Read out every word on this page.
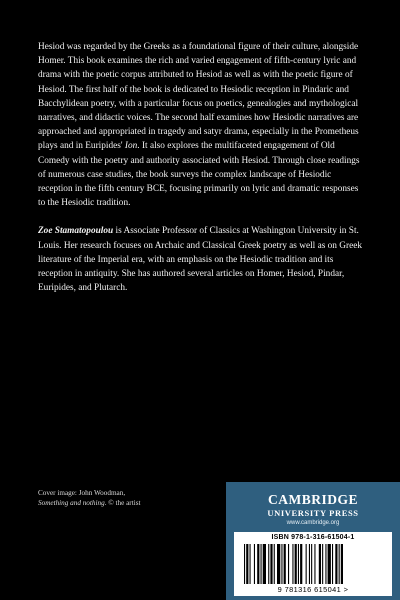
Hesiod was regarded by the Greeks as a foundational figure of their culture, alongside Homer. This book examines the rich and varied engagement of fifth-century lyric and drama with the poetic corpus attributed to Hesiod as well as with the poetic figure of Hesiod. The first half of the book is dedicated to Hesiodic reception in Pindaric and Bacchylidean poetry, with a particular focus on poetics, genealogies and mythological narratives, and didactic voices. The second half examines how Hesiodic narratives are approached and appropriated in tragedy and satyr drama, especially in the Prometheus plays and in Euripides' Ion. It also explores the multifaceted engagement of Old Comedy with the poetry and authority associated with Hesiod. Through close readings of numerous case studies, the book surveys the complex landscape of Hesiodic reception in the fifth century BCE, focusing primarily on lyric and dramatic responses to the Hesiodic tradition.

Zoe Stamatopoulou is Associate Professor of Classics at Washington University in St. Louis. Her research focuses on Archaic and Classical Greek poetry as well as on Greek literature of the Imperial era, with an emphasis on the Hesiodic tradition and its reception in antiquity. She has authored several articles on Homer, Hesiod, Pindar, Euripides, and Plutarch.

Cover image: John Woodman,
Something and nothing. © the artist	CAMBRIDGE
UNIVERSITY PRESS
www.cambridge.org
ISBN 978-1-316-61504-1
9 781316 615041 >
